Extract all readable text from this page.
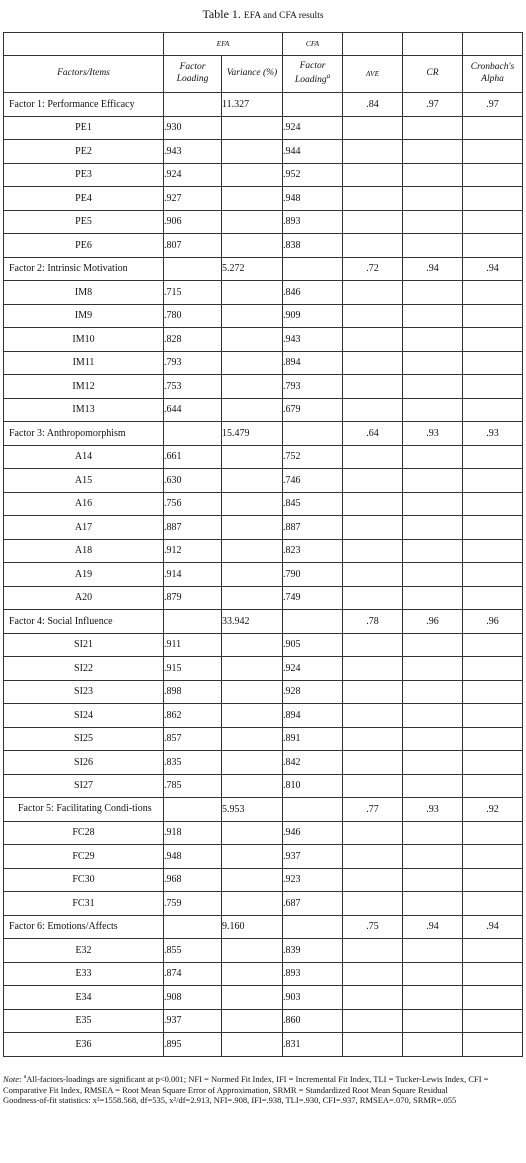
Table 1. EFA and CFA results
	EFA		CFA			
Factors/Items	Factor Loading	Variance (%)	Factor Loading$^a$	AVE	CR	Cronbach's Alpha
Factor 1: Performance Efficacy		11.327		.84	.97	.97
PE1	.930		.924			
PE2	.943		.944			
PE3	.924		.952			
PE4	.927		.948			
PE5	.906		.893			
PE6	.807		.838			
Factor 2: Intrinsic Motivation		5.272		.72	.94	.94
IM8	.715		.846			
IM9	.780		.909			
IM10	.828		.943			
IM11	.793		.894			
IM12	.753		.793			
IM13	.644		.679			
Factor 3: Anthropomorphism		15.479		.64	.93	.93
A14	.661		.752			
A15	.630		.746			
A16	.756		.845			
A17	.887		.887			
A18	.912		.823			
A19	.914		.790			
A20	.879		.749			
Factor 4: Social Influence		33.942		.78	.96	.96
SI21	.911		.905			
SI22	.915		.924			
SI23	.898		.928			
SI24	.862		.894			
SI25	.857		.891			
SI26	.835		.842			
SI27	.785		.810			
Factor 5: Facilitating Condi-tions		5.953		.77	.93	.92
FC28	.918		.946			
FC29	.948		.937			
FC30	.968		.923			
FC31	.759		.687			
Factor 6: Emotions/Affects		9.160		.75	.94	.94
E32	.855		.839			
E33	.874		.893			
E34	.908		.903			
E35	.937		.860			
E36	.895		.831			
Note: $^a$All-factors-loadings are significant at p<0.001; NFI = Normed Fit Index, IFI = Incremental Fit Index, TLI = Tucker-Lewis Index, CFI = Comparative Fit Index, RMSEA = Root Mean Square Error of Approximation, SRMR = Standardized Root Mean Square Residual
Goodness-of-fit statistics: x²=1558.568, df=535, x²/df=2.913, NFI=.908, IFI=.938, TLI=.930, CFI=.937, RMSEA=.070, SRMR=.055
